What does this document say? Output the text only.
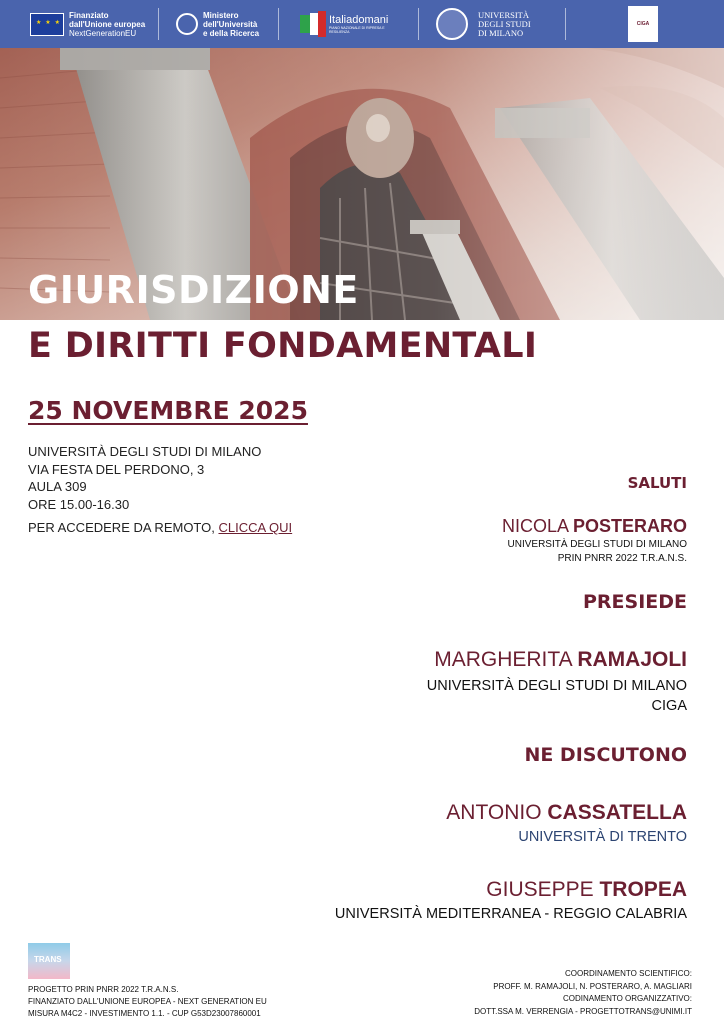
★ ★ ★
Finanziato
dall'Unione europea
NextGenerationEU
Ministero
dell'Università
e della Ricerca
Italiadomani
PIANO NAZIONALE DI RIPRESA E RESILIENZA
UNIVERSITÀ
DEGLI STUDI
DI MILANO
CIGA
GIURISDIZIONE
E DIRITTI FONDAMENTALI
25 NOVEMBRE 2025
UNIVERSITÀ DEGLI STUDI DI MILANO
VIA FESTA DEL PERDONO, 3
AULA 309
ORE 15.00-16.30
PER ACCEDERE DA REMOTO, CLICCA QUI
SALUTI
NICOLA POSTERARO
UNIVERSITÀ DEGLI STUDI DI MILANO
PRIN PNRR 2022 T.R.A.N.S.
PRESIEDE
MARGHERITA RAMAJOLI
UNIVERSITÀ DEGLI STUDI DI MILANO
CIGA
NE DISCUTONO
ANTONIO CASSATELLA
UNIVERSITÀ DI TRENTO
GIUSEPPE TROPEA
UNIVERSITÀ MEDITERRANEA - REGGIO CALABRIA
TRANS
PROGETTO PRIN PNRR 2022 T.R.A.N.S.
FINANZIATO DALL'UNIONE EUROPEA - NEXT GENERATION EU
MISURA M4C2 - INVESTIMENTO 1.1. - CUP G53D23007860001
COORDINAMENTO SCIENTIFICO:
PROFF. M. RAMAJOLI, N. POSTERARO, A. MAGLIARI
CODINAMENTO ORGANIZZATIVO:
DOTT.SSA M. VERRENGIA - PROGETTOTRANS@UNIMI.IT
